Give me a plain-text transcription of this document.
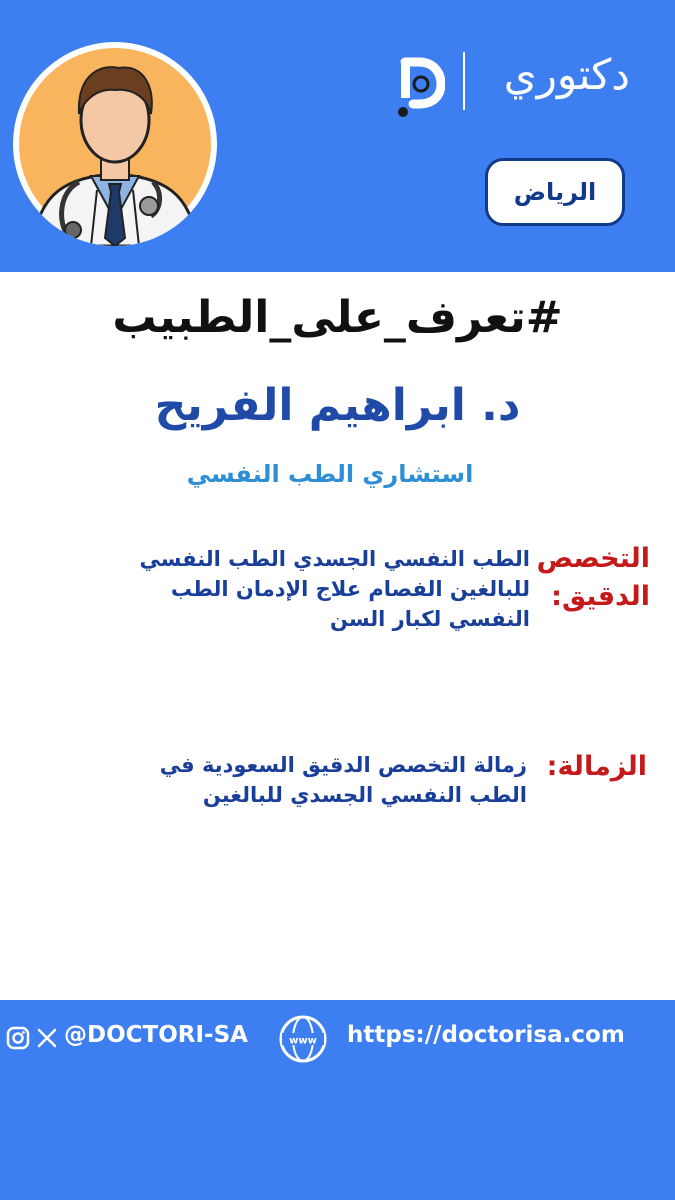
دكتوري
الرياض
#تعرف_على_الطبيب
د. ابراهيم الفريح
استشاري الطب النفسي
التخصص
الدقيق:
الطب النفسي الجسدي الطب النفسي
للبالغين الفصام علاج الإدمان الطب
النفسي لكبار السن
الزمالة:
زمالة التخصص الدقيق السعودية في
الطب النفسي الجسدي للبالغين
@DOCTORI-SA	www https://doctorisa.com
